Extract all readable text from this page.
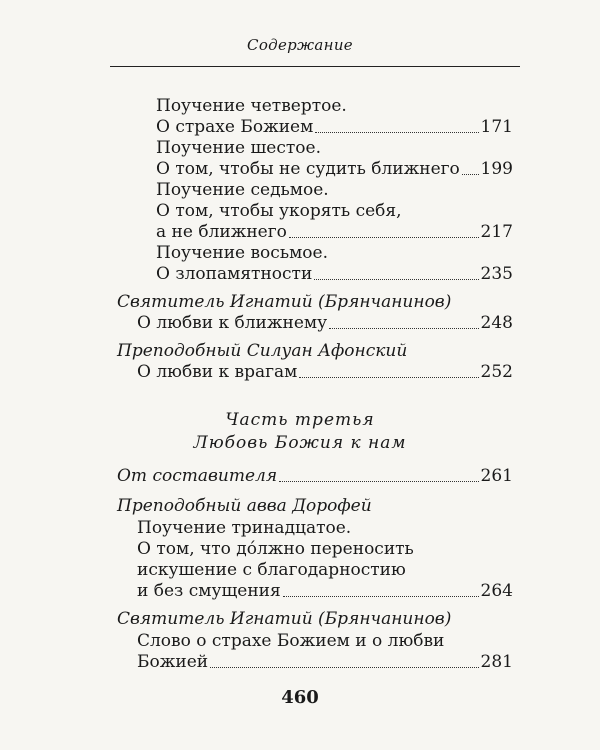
Содержание
Поучение четвертое.
О страхе Божием	171
Поучение шестое.
О том, чтобы не судить ближнего 199
Поучение седьмое.
О том, чтобы укорять себя,
а не ближнего	217
Поучение восьмое.
О злопамятности	235
Святитель Игнатий (Брянчанинов)
О любви к ближнему	248
Преподобный Силуан Афонский
О любви к врагам	252
Часть третья
Любовь Божия к нам
От составителя	261
Преподобный авва Дорофей
Поучение тринадцатое.
О том, что до́лжно переносить
искушение с благодарностию
и без смущения	264
Святитель Игнатий (Брянчанинов)
Слово о страхе Божием и о любви
Божией	281
460
